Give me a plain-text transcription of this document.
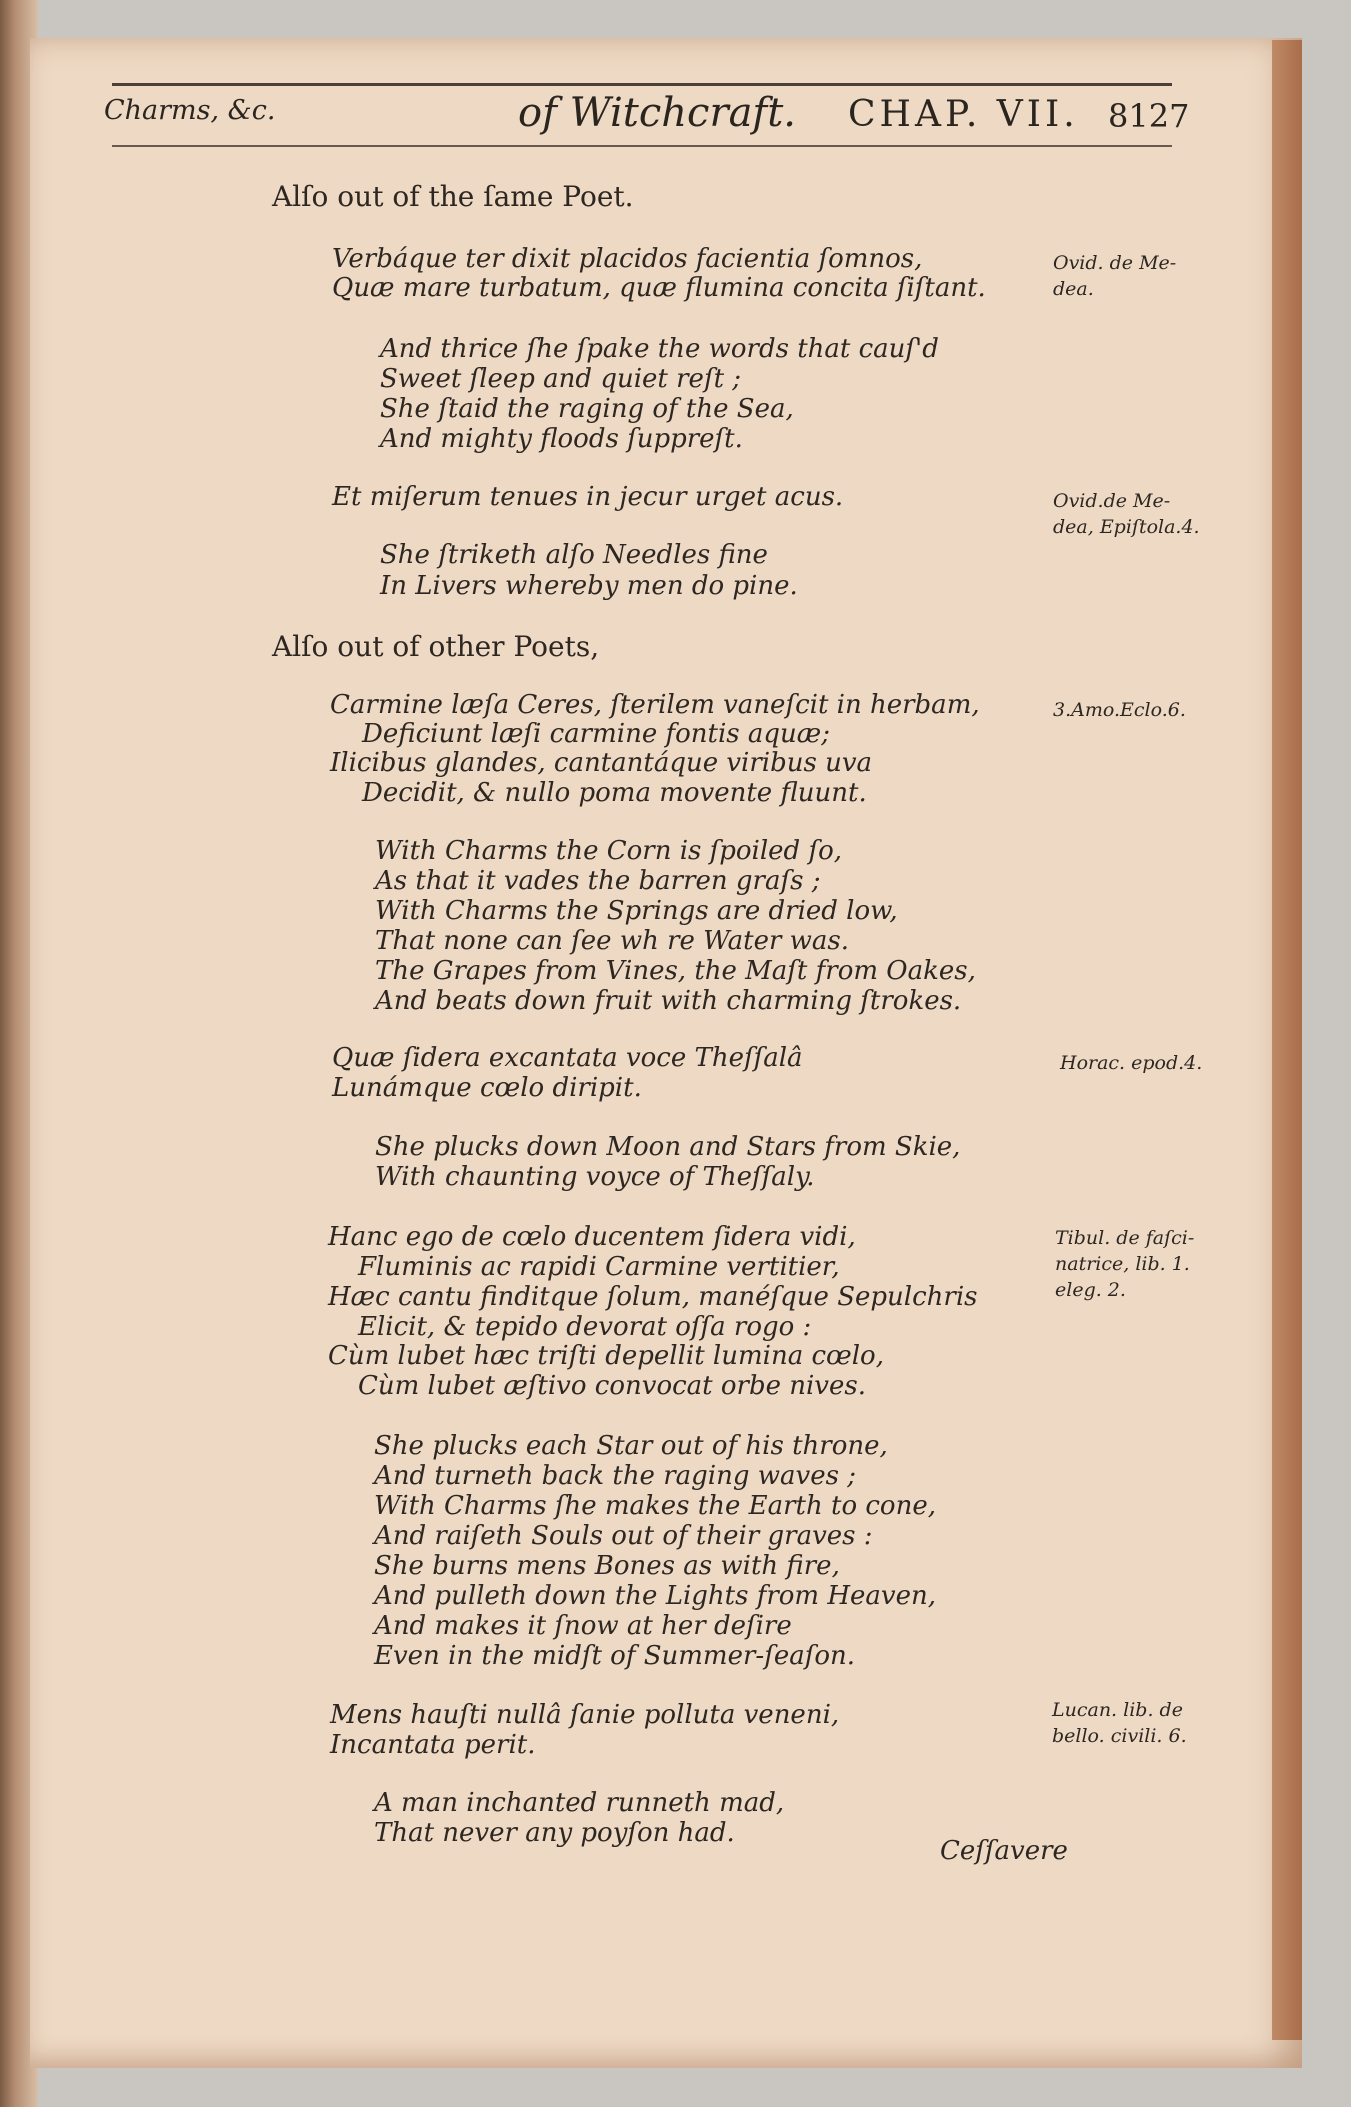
Charms, &c.	of Witchcraft. CHAP. VII. 8127
Alſo out of the ſame Poet.
Verbáque ter dixit placidos facientia ſomnos,
Quæ mare turbatum, quæ flumina concita ſiſtant.
And thrice ſhe ſpake the words that cauſ'd
Sweet ſleep and quiet reſt ;
She ſtaid the raging of the Sea,
And mighty floods ſuppreſt.
Et miſerum tenues in jecur urget acus.
She ſtriketh alſo Needles fine
In Livers whereby men do pine.
Alſo out of other Poets,
Carmine læſa Ceres, ſterilem vaneſcit in herbam,
Deficiunt læſi carmine fontis aquæ;
Ilicibus glandes, cantantáque viribus uva
Decidit, & nullo poma movente fluunt.
With Charms the Corn is ſpoiled ſo,
As that it vades the barren graſs ;
With Charms the Springs are dried low,
That none can ſee wh re Water was.
The Grapes from Vines, the Maſt from Oakes,
And beats down fruit with charming ſtrokes.
Quæ ſidera excantata voce Theſſalâ
Lunámque cœlo diripit.
She plucks down Moon and Stars from Skie,
With chaunting voyce of Theſſaly.
Hanc ego de cœlo ducentem ſidera vidi,
Fluminis ac rapidi Carmine vertitier,
Hæc cantu finditque ſolum, manéſque Sepulchris
Elicit, & tepido devorat oſſa rogo :
Cùm lubet hæc triſti depellit lumina cœlo,
Cùm lubet æſtivo convocat orbe nives.
She plucks each Star out of his throne,
And turneth back the raging waves ;
With Charms ſhe makes the Earth to cone,
And raiſeth Souls out of their graves :
She burns mens Bones as with fire,
And pulleth down the Lights from Heaven,
And makes it ſnow at her deſire
Even in the midſt of Summer-ſeaſon.
Mens hauſti nullâ ſanie polluta veneni,
Incantata perit.
A man inchanted runneth mad,
That never any poyſon had.
Ovid. de Me-
dea.
Ovid.de Me-
dea, Epiſtola.4.
3.Amo.Eclo.6.
Horac. epod.4.
Tibul. de faſci-
natrice, lib. 1.
eleg. 2.
Lucan. lib. de
bello. civili. 6.
Ceſſavere
